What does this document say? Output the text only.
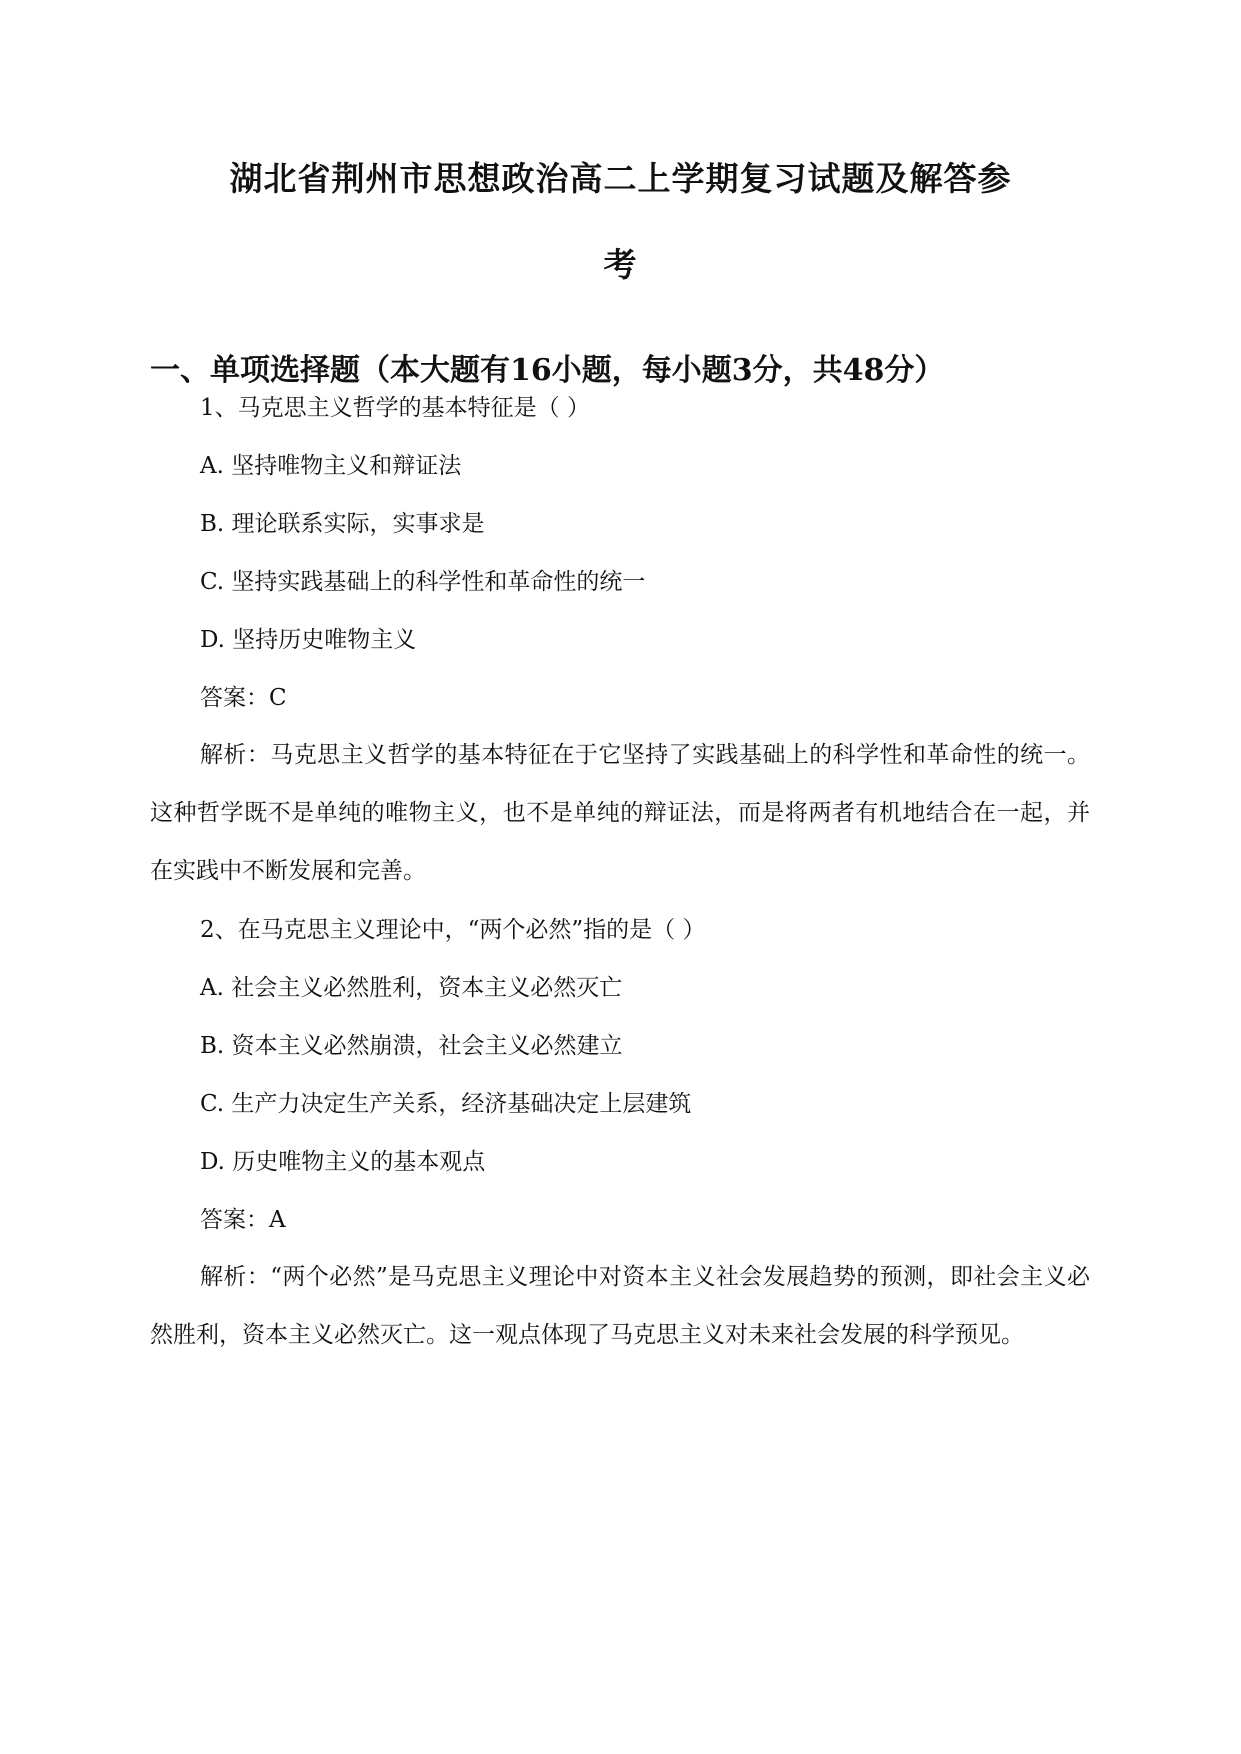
湖北省荆州市思想政治高二上学期复习试题及解答参
考
一、单项选择题（本大题有16小题，每小题3分，共48分）

1、马克思主义哲学的基本特征是（ ）

A. 坚持唯物主义和辩证法

B. 理论联系实际，实事求是

C. 坚持实践基础上的科学性和革命性的统一

D. 坚持历史唯物主义

答案：C

解析：马克思主义哲学的基本特征在于它坚持了实践基础上的科学性和革命性的统一。这种哲学既不是单纯的唯物主义，也不是单纯的辩证法，而是将两者有机地结合在一起，并在实践中不断发展和完善。

2、在马克思主义理论中，“两个必然”指的是（ ）

A. 社会主义必然胜利，资本主义必然灭亡

B. 资本主义必然崩溃，社会主义必然建立

C. 生产力决定生产关系，经济基础决定上层建筑

D. 历史唯物主义的基本观点

答案：A

解析：“两个必然”是马克思主义理论中对资本主义社会发展趋势的预测，即社会主义必然胜利，资本主义必然灭亡。这一观点体现了马克思主义对未来社会发展的科学预见。
